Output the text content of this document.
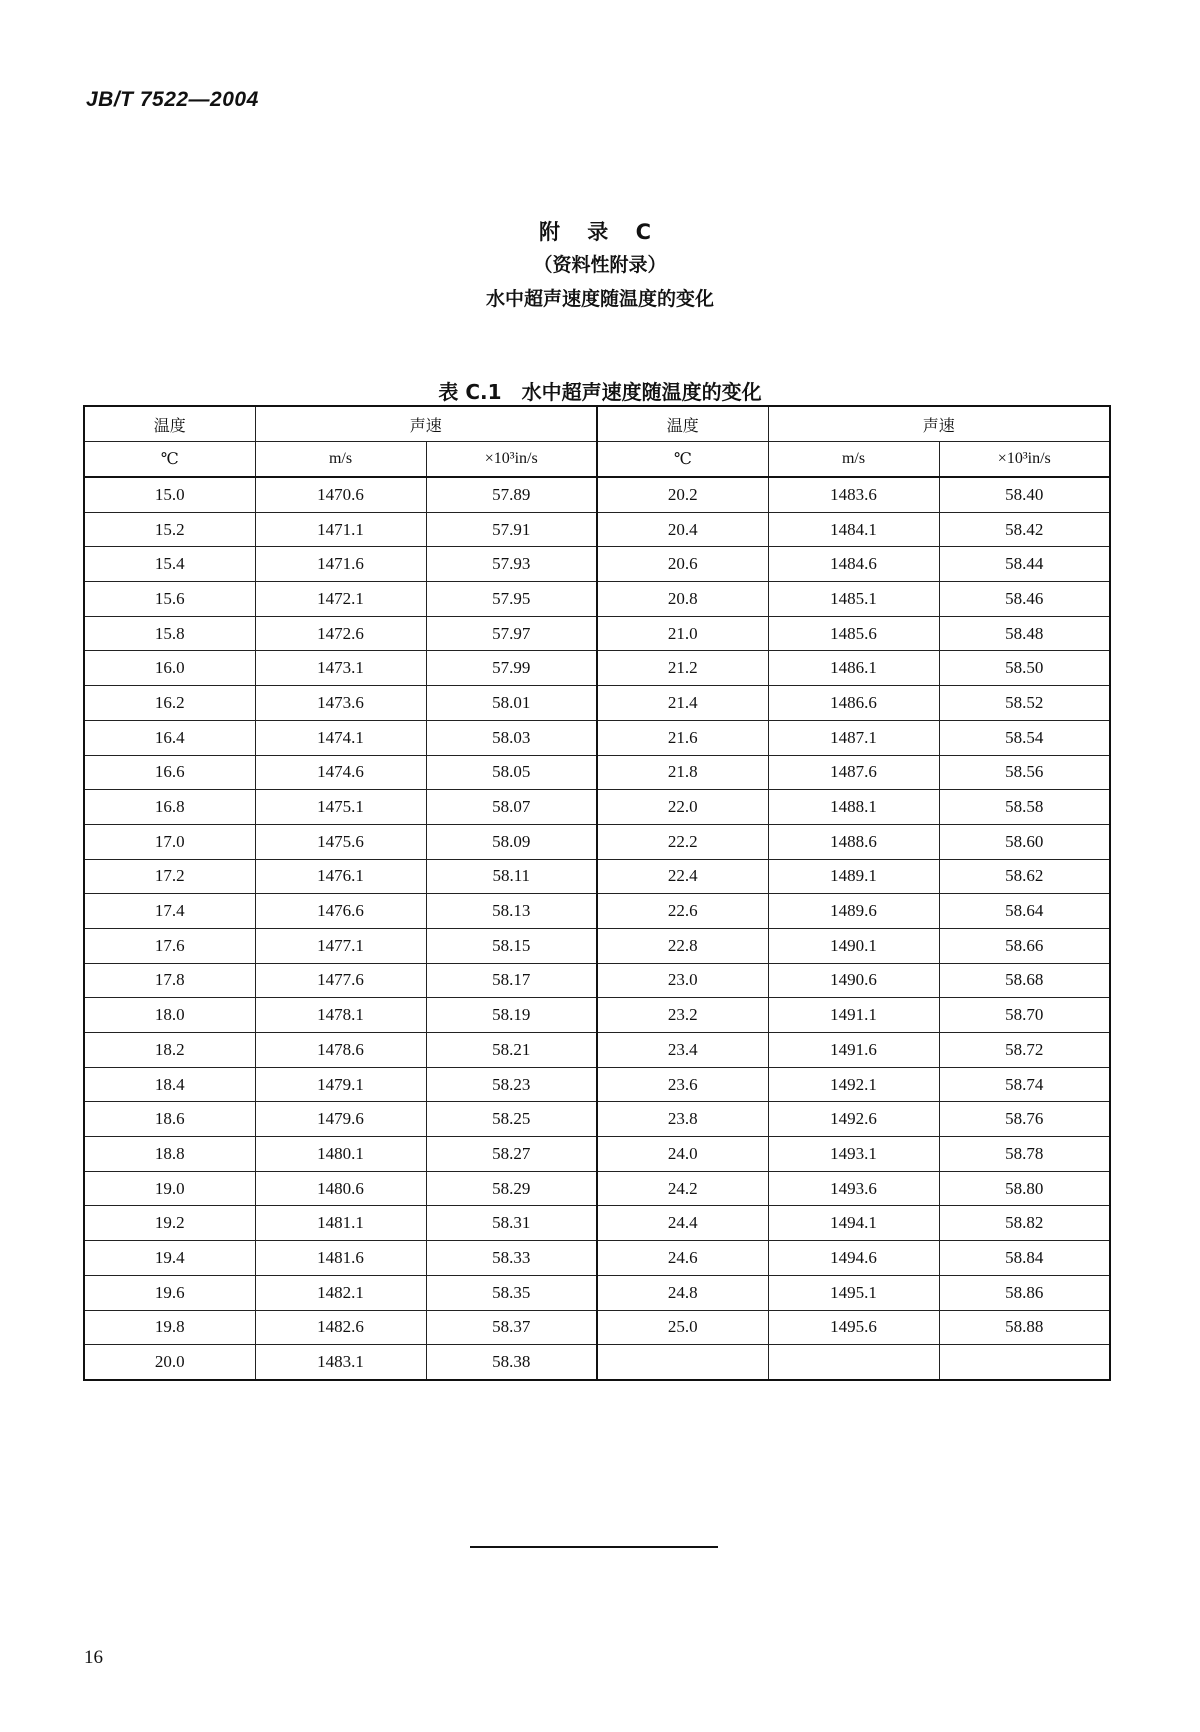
JB/T 7522—2004
附 录 C
（资料性附录）
水中超声速度随温度的变化
表 C.1　水中超声速度随温度的变化
温度	声速		温度	声速	
℃	m/s	×10³in/s	℃	m/s	×10³in/s
15.0	1470.6	57.89	20.2	1483.6	58.40
15.2	1471.1	57.91	20.4	1484.1	58.42
15.4	1471.6	57.93	20.6	1484.6	58.44
15.6	1472.1	57.95	20.8	1485.1	58.46
15.8	1472.6	57.97	21.0	1485.6	58.48
16.0	1473.1	57.99	21.2	1486.1	58.50
16.2	1473.6	58.01	21.4	1486.6	58.52
16.4	1474.1	58.03	21.6	1487.1	58.54
16.6	1474.6	58.05	21.8	1487.6	58.56
16.8	1475.1	58.07	22.0	1488.1	58.58
17.0	1475.6	58.09	22.2	1488.6	58.60
17.2	1476.1	58.11	22.4	1489.1	58.62
17.4	1476.6	58.13	22.6	1489.6	58.64
17.6	1477.1	58.15	22.8	1490.1	58.66
17.8	1477.6	58.17	23.0	1490.6	58.68
18.0	1478.1	58.19	23.2	1491.1	58.70
18.2	1478.6	58.21	23.4	1491.6	58.72
18.4	1479.1	58.23	23.6	1492.1	58.74
18.6	1479.6	58.25	23.8	1492.6	58.76
18.8	1480.1	58.27	24.0	1493.1	58.78
19.0	1480.6	58.29	24.2	1493.6	58.80
19.2	1481.1	58.31	24.4	1494.1	58.82
19.4	1481.6	58.33	24.6	1494.6	58.84
19.6	1482.1	58.35	24.8	1495.1	58.86
19.8	1482.6	58.37	25.0	1495.6	58.88
20.0	1483.1	58.38			
16
